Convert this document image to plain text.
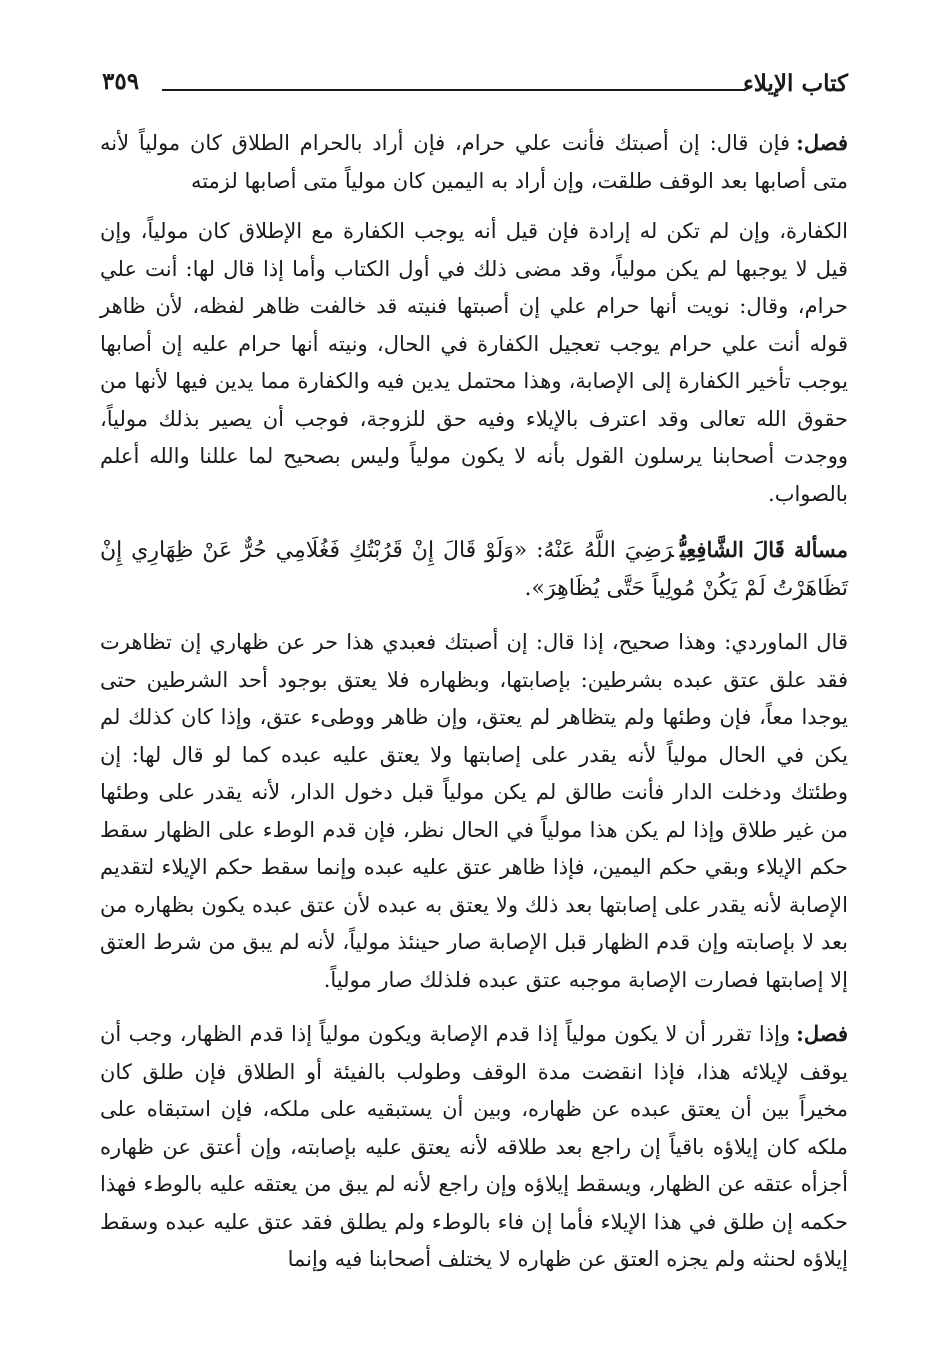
كتاب الإيلاء
٣٥٩

فصل:فإن قال: إن أصبتك فأنت علي حرام، فإن أراد بالحرام الطلاق كان مولياً لأنه متى أصابها بعد الوقف طلقت، وإن أراد به اليمين كان مولياً متى أصابها لزمته

الكفارة، وإن لم تكن له إرادة فإن قيل أنه يوجب الكفارة مع الإطلاق كان مولياً، وإن قيل لا يوجبها لم يكن مولياً، وقد مضى ذلك في أول الكتاب وأما إذا قال لها: أنت علي حرام، وقال: نويت أنها حرام علي إن أصبتها فنيته قد خالفت ظاهر لفظه، لأن ظاهر قوله أنت علي حرام يوجب تعجيل الكفارة في الحال، ونيته أنها حرام عليه إن أصابها يوجب تأخير الكفارة إلى الإصابة، وهذا محتمل يدين فيه والكفارة مما يدين فيها لأنها من حقوق الله تعالى وقد اعترف بالإيلاء وفيه حق للزوجة، فوجب أن يصير بذلك مولياً، ووجدت أصحابنا يرسلون القول بأنه لا يكون مولياً وليس بصحيح لما عللنا والله أعلم بالصواب.

مسألة قَالَ الشَّافِعِيُّرَضِيَ اللَّهُ عَنْهُ: «وَلَوْ قَالَ إِنْ قَرُبْتُكِ فَغُلَامِي حُرٌّ عَنْ ظِهَارِي إِنْ تَظَاهَرْتُ لَمْ يَكُنْ مُولِياً حَتَّى يُظَاهِرَ».

قال الماوردي: وهذا صحيح، إذا قال: إن أصبتك فعبدي هذا حر عن ظهاري إن تظاهرت فقد علق عتق عبده بشرطين: بإصابتها، وبظهاره فلا يعتق بوجود أحد الشرطين حتى يوجدا معاً، فإن وطئها ولم يتظاهر لم يعتق، وإن ظاهر ووطىء عتق، وإذا كان كذلك لم يكن في الحال مولياً لأنه يقدر على إصابتها ولا يعتق عليه عبده كما لو قال لها: إن وطئتك ودخلت الدار فأنت طالق لم يكن مولياً قبل دخول الدار، لأنه يقدر على وطئها من غير طلاق وإذا لم يكن هذا مولياً في الحال نظر، فإن قدم الوطء على الظهار سقط حكم الإيلاء وبقي حكم اليمين، فإذا ظاهر عتق عليه عبده وإنما سقط حكم الإيلاء لتقديم الإصابة لأنه يقدر على إصابتها بعد ذلك ولا يعتق به عبده لأن عتق عبده يكون بظهاره من بعد لا بإصابته وإن قدم الظهار قبل الإصابة صار حينئذ مولياً، لأنه لم يبق من شرط العتق إلا إصابتها فصارت الإصابة موجبه عتق عبده فلذلك صار مولياً.

فصل:وإذا تقرر أن لا يكون مولياً إذا قدم الإصابة ويكون مولياً إذا قدم الظهار، وجب أن يوقف لإيلائه هذا، فإذا انقضت مدة الوقف وطولب بالفيئة أو الطلاق فإن طلق كان مخيراً بين أن يعتق عبده عن ظهاره، وبين أن يستبقيه على ملكه، فإن استبقاه على ملكه كان إيلاؤه باقياً إن راجع بعد طلاقه لأنه يعتق عليه بإصابته، وإن أعتق عن ظهاره أجزأه عتقه عن الظهار، ويسقط إيلاؤه وإن راجع لأنه لم يبق من يعتقه عليه بالوطء فهذا حكمه إن طلق في هذا الإيلاء فأما إن فاء بالوطء ولم يطلق فقد عتق عليه عبده وسقط إيلاؤه لحنثه ولم يجزه العتق عن ظهاره لا يختلف أصحابنا فيه وإنما
